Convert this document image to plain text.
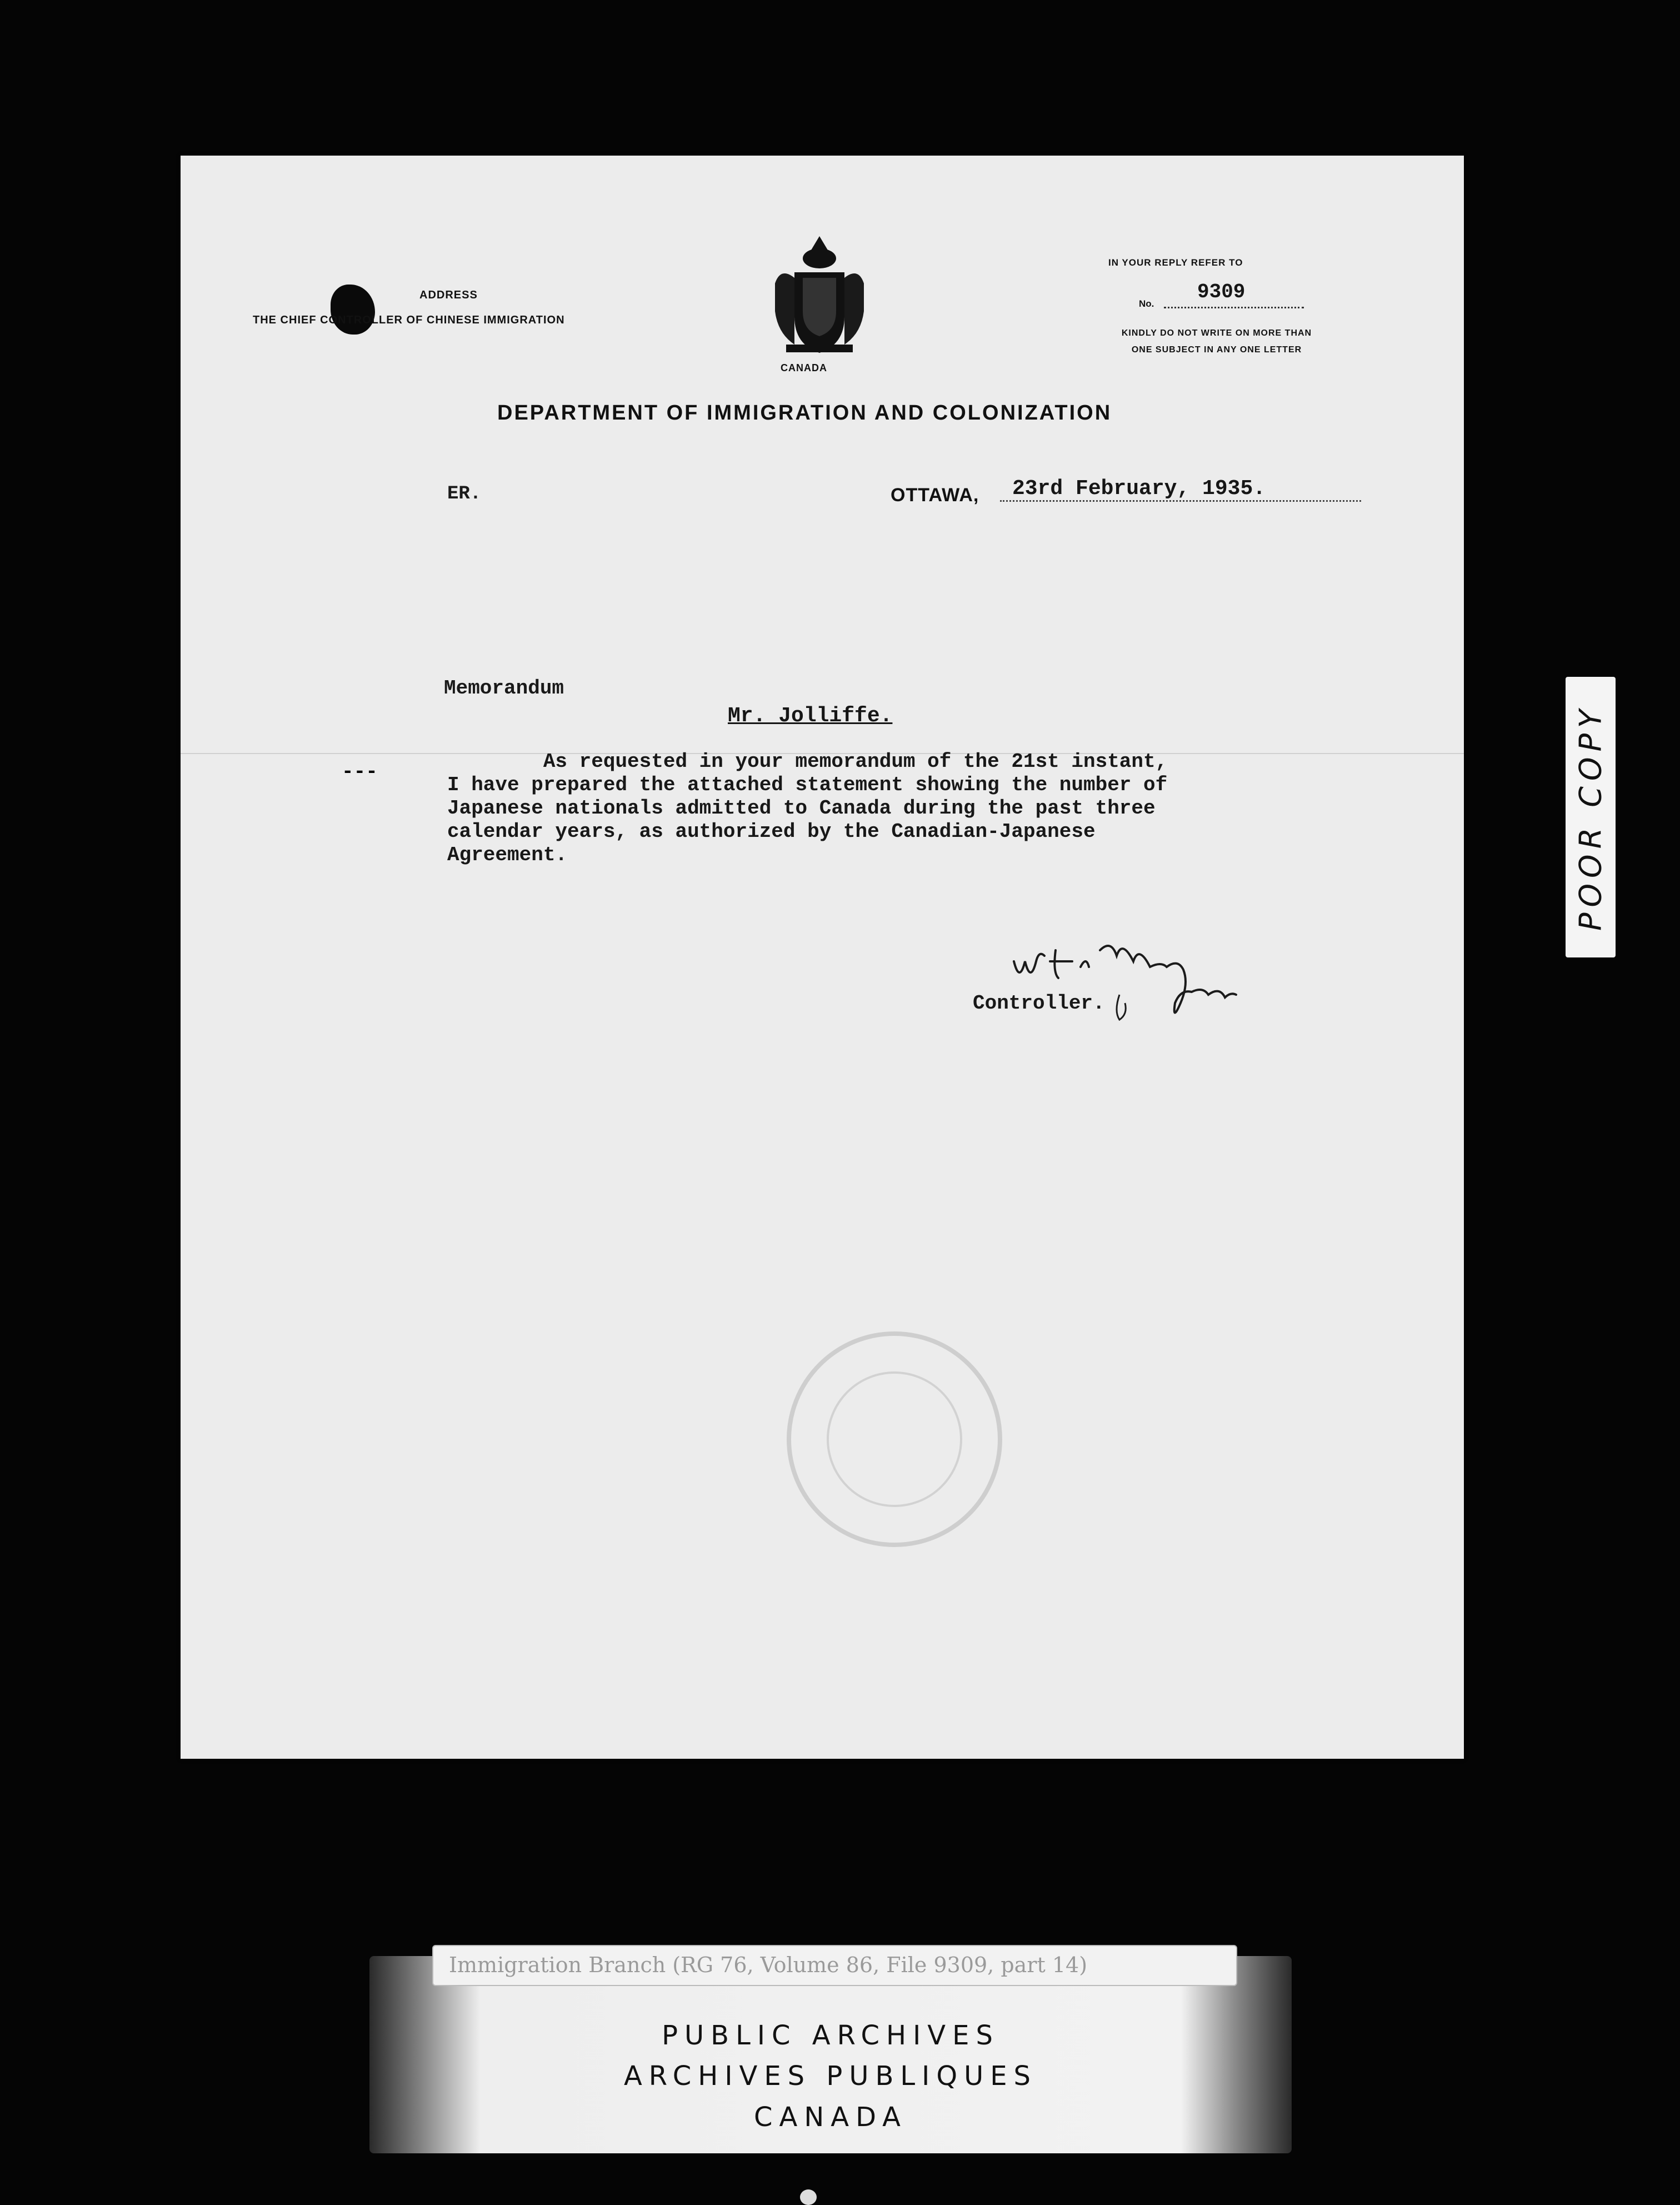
ADDRESS
THE CHIEF CONTROLLER OF CHINESE IMMIGRATION
CANADA
IN YOUR REPLY REFER TO
No.
9309
KINDLY DO NOT WRITE ON MORE THAN
ONE SUBJECT IN ANY ONE LETTER
DEPARTMENT OF IMMIGRATION AND COLONIZATION
ER.	OTTAWA, 23rd February, 1935.
Memorandum
Mr. Jolliffe.
---	As requested in your memorandum of the 21st instant,
I have prepared the attached statement showing the number of
Japanese nationals admitted to Canada during the past three
calendar years, as authorized by the Canadian-Japanese
Agreement.
Controller.
POOR COPY
PUBLIC ARCHIVES
ARCHIVES PUBLIQUES
CANADA
Immigration Branch (RG 76, Volume 86, File 9309, part 14)
